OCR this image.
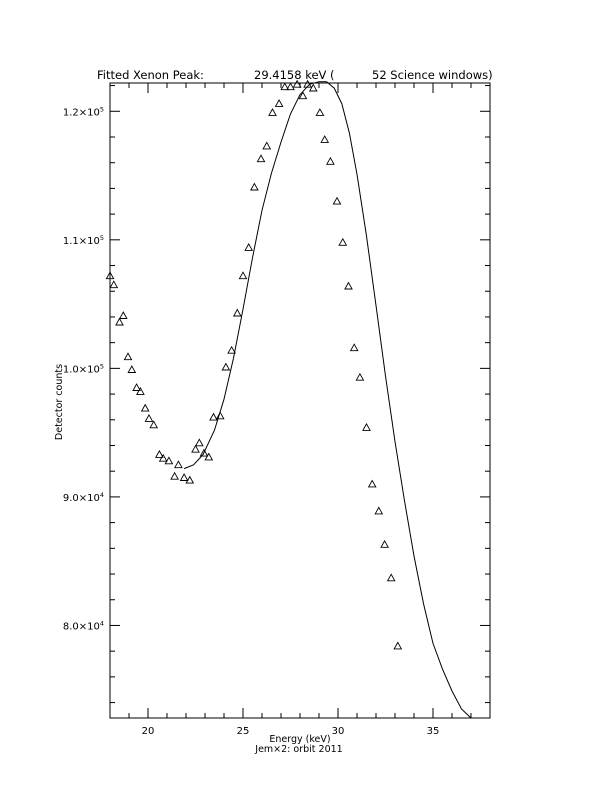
Fitted Xenon Peak:	29.4158 keV (	52 Science windows)
20	25	30	35
$8.0\times 10^4$
$9.0\times 10^4$
$1.0\times 10^5$
$1.1\times 10^5$
$1.2\times 10^5$
Energy (keV)
Jem×2: orbit 2011
Detector counts
